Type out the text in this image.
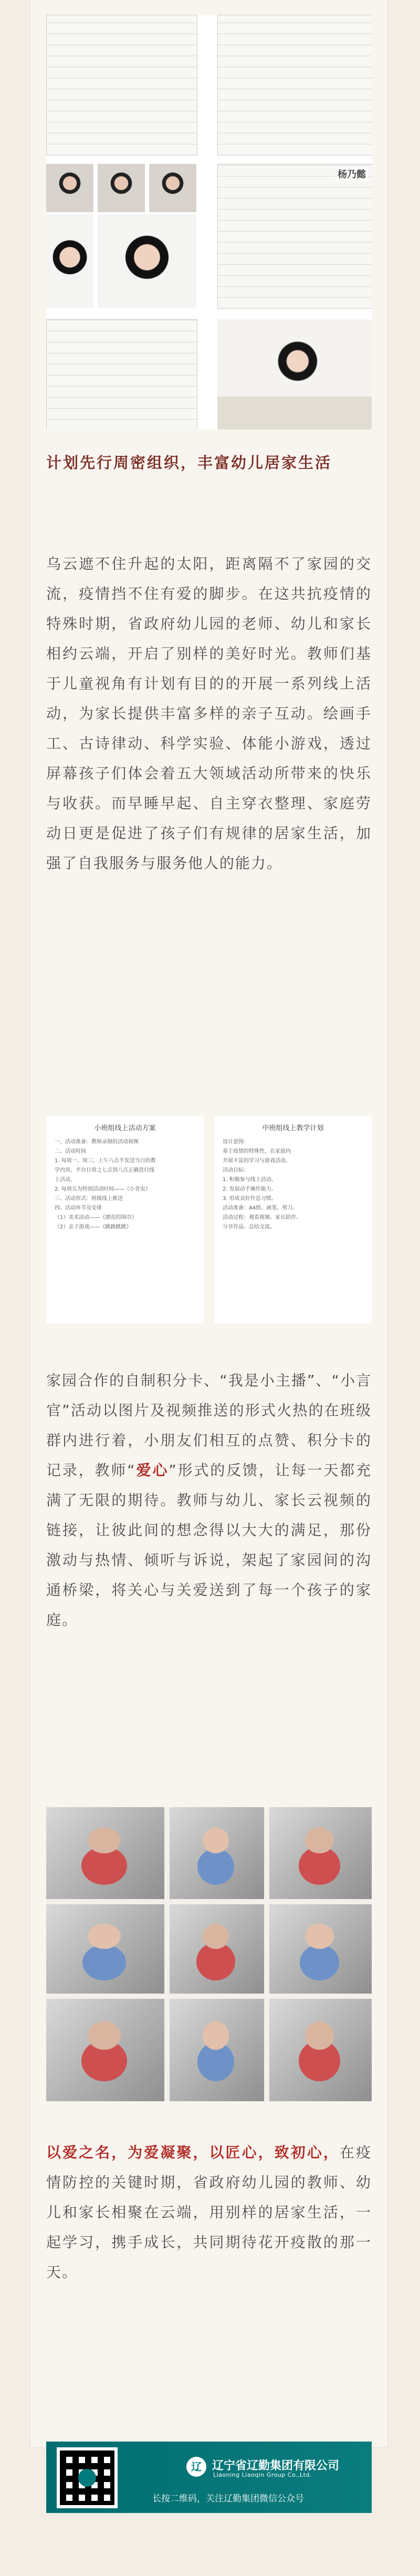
杨乃懿
计划先行周密组织，丰富幼儿居家生活
乌云遮不住升起的太阳，距离隔不了家园的交流，疫情挡不住有爱的脚步。在这共抗疫情的特殊时期，省政府幼儿园的老师、幼儿和家长相约云端，开启了别样的美好时光。教师们基于儿童视角有计划有目的的开展一系列线上活动，为家长提供丰富多样的亲子互动。绘画手工、古诗律动、科学实验、体能小游戏，透过屏幕孩子们体会着五大领域活动所带来的快乐与收获。而早睡早起、自主穿衣整理、家庭劳动日更是促进了孩子们有规律的居家生活，加强了自我服务与服务他人的能力。
小班组线上活动方案
一、活动准备：教师录制的活动视频
二、活动时间
1. 每周一、周三、上午八点半发送当日的教
学内容，平台日常之七点到八点正确进行线
上活动。
2. 每周五为特别活动时间——《小青虫》
三、活动形式：班级线上推送
四、活动环节及安排
（1）美术活动——《漂亮的围巾》
（2）亲子游戏——《跳跳跳跳》
中班组线上教学计划
设计意图：
基于疫情的特殊性，在家庭内
开展丰富的学习与游戏活动。
活动目标：
1. 积极参与线上活动。
2. 发展动手操作能力。
3. 形成良好作息习惯。
活动准备：A4纸、画笔、剪刀。
活动过程：观看视频、家长陪伴、
分享作品、总结交流。
家园合作的自制积分卡、“我是小主播”、“小言官”活动以图片及视频推送的形式火热的在班级群内进行着，小朋友们相互的点赞、积分卡的记录，教师“爱心”形式的反馈，让每一天都充满了无限的期待。教师与幼儿、家长云视频的链接，让彼此间的想念得以大大的满足，那份激动与热情、倾听与诉说，架起了家园间的沟通桥梁，将关心与关爱送到了每一个孩子的家庭。
以爱之名，为爱凝聚，以匠心，致初心，在疫情防控的关键时期，省政府幼儿园的教师、幼儿和家长相聚在云端，用别样的居家生活，一起学习，携手成长，共同期待花开疫散的那一天。
辽 辽宁省辽勤集团有限公司
Liaoning Liaoqin Group Co.,Ltd.
长按二维码，关注辽勤集团微信公众号
